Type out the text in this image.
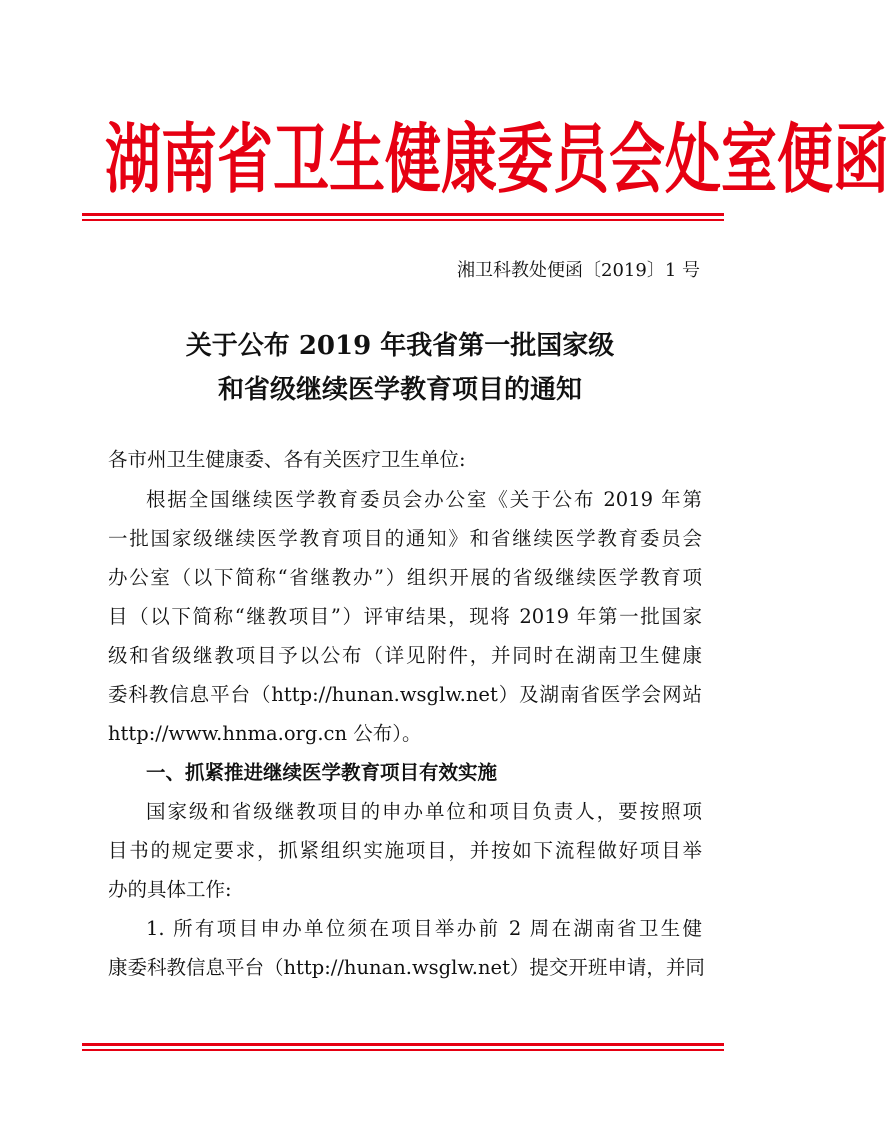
湖 南 省 卫 生 健 康 委 员 会 处 室 便 函
湘卫科教处便函〔2019〕1 号
关于公布 2019 年我省第一批国家级
和省级继续医学教育项目的通知
各市州卫生健康委、各有关医疗卫生单位:
根据全国继续医学教育委员会办公室《关于公布 2019 年第
一批国家级继续医学教育项目的通知》和省继续医学教育委员会
办公室（以下简称“省继教办”）组织开展的省级继续医学教育项
目（以下简称“继教项目”）评审结果，现将 2019 年第一批国家
级和省级继教项目予以公布（详见附件，并同时在湖南卫生健康
委科教信息平台（http://hunan.wsglw.net）及湖南省医学会网站
http://www.hnma.org.cn 公布）。
一、抓紧推进继续医学教育项目有效实施
国家级和省级继教项目的申办单位和项目负责人，要按照项
目书的规定要求，抓紧组织实施项目，并按如下流程做好项目举
办的具体工作:
1. 所有项目申办单位须在项目举办前 2 周在湖南省卫生健
康委科教信息平台（http://hunan.wsglw.net）提交开班申请，并同
